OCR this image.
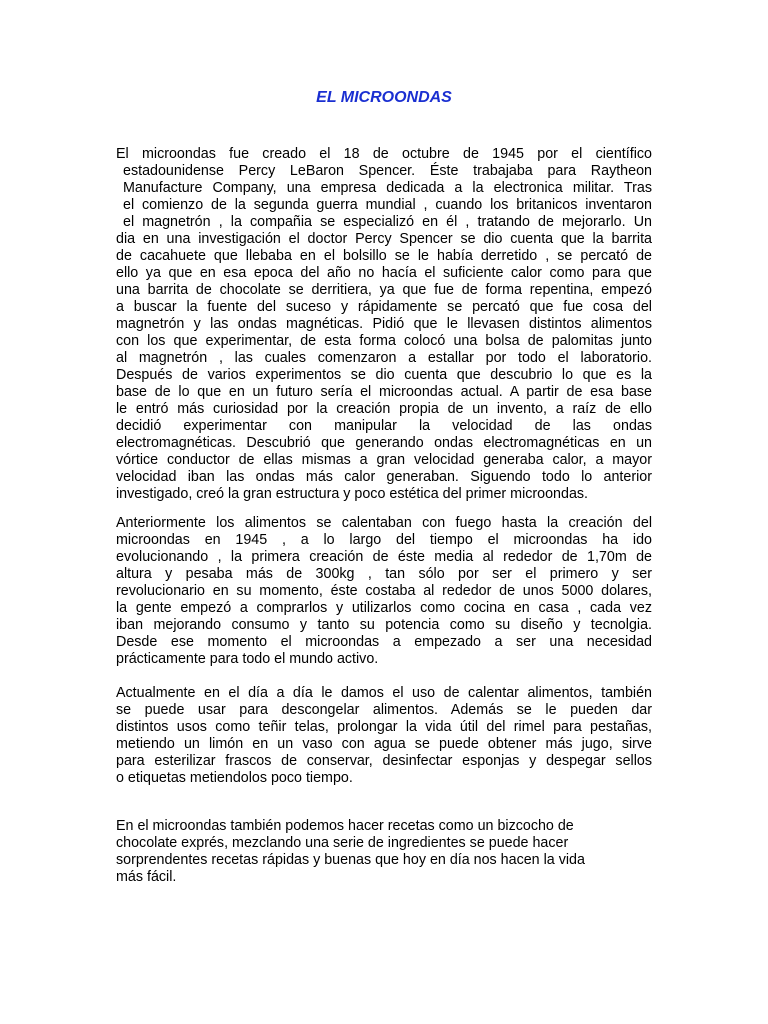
EL MICROONDAS
El microondas fue creado el 18 de octubre de 1945 por el científico
estadounidense Percy LeBaron Spencer. Éste trabajaba para Raytheon
Manufacture Company, una empresa dedicada a la electronica militar. Tras
el comienzo de la segunda guerra mundial , cuando los britanicos inventaron
el magnetrón , la compañia se especializó en él , tratando de mejorarlo. Un
dia en una investigación el doctor Percy Spencer se dio cuenta que la barrita
de cacahuete que llebaba en el bolsillo se le había derretido , se percató de
ello ya que en esa epoca del año no hacía el suficiente calor como para que
una barrita de chocolate se derritiera, ya que fue de forma repentina, empezó
a buscar la fuente del suceso y rápidamente se percató que fue cosa del
magnetrón y las ondas magnéticas. Pidió que le llevasen distintos alimentos
con los que experimentar, de esta forma colocó una bolsa de palomitas junto
al magnetrón , las cuales comenzaron a estallar por todo el laboratorio.
Después de varios experimentos se dio cuenta que descubrio lo que es la
base de lo que en un futuro sería el microondas actual. A partir de esa base
le entró más curiosidad por la creación propia de un invento, a raíz de ello
decidió experimentar con manipular la velocidad de las ondas
electromagnéticas. Descubrió que generando ondas electromagnéticas en un
vórtice conductor de ellas mismas a gran velocidad generaba calor, a mayor
velocidad iban las ondas más calor generaban. Siguendo todo lo anterior
investigado, creó la gran estructura y poco estética del primer microondas.
Anteriormente los alimentos se calentaban con fuego hasta la creación del
microondas en 1945 , a lo largo del tiempo el microondas ha ido
evolucionando , la primera creación de éste media al rededor de 1,70m de
altura y pesaba más de 300kg , tan sólo por ser el primero y ser
revolucionario en su momento, éste costaba al rededor de unos 5000 dolares,
la gente empezó a comprarlos y utilizarlos como cocina en casa , cada vez
iban mejorando consumo y tanto su potencia como su diseño y tecnolgia.
Desde ese momento el microondas a empezado a ser una necesidad
prácticamente para todo el mundo activo.
Actualmente en el día a día le damos el uso de calentar alimentos, también
se puede usar para descongelar alimentos. Además se le pueden dar
distintos usos como teñir telas, prolongar la vida útil del rimel para pestañas,
metiendo un limón en un vaso con agua se puede obtener más jugo, sirve
para esterilizar frascos de conservar, desinfectar esponjas y despegar sellos
o etiquetas metiendolos poco tiempo.
En el microondas también podemos hacer recetas como un bizcocho de
chocolate exprés, mezclando una serie de ingredientes se puede hacer
sorprendentes recetas rápidas y buenas que hoy en día nos hacen la vida
más fácil.
